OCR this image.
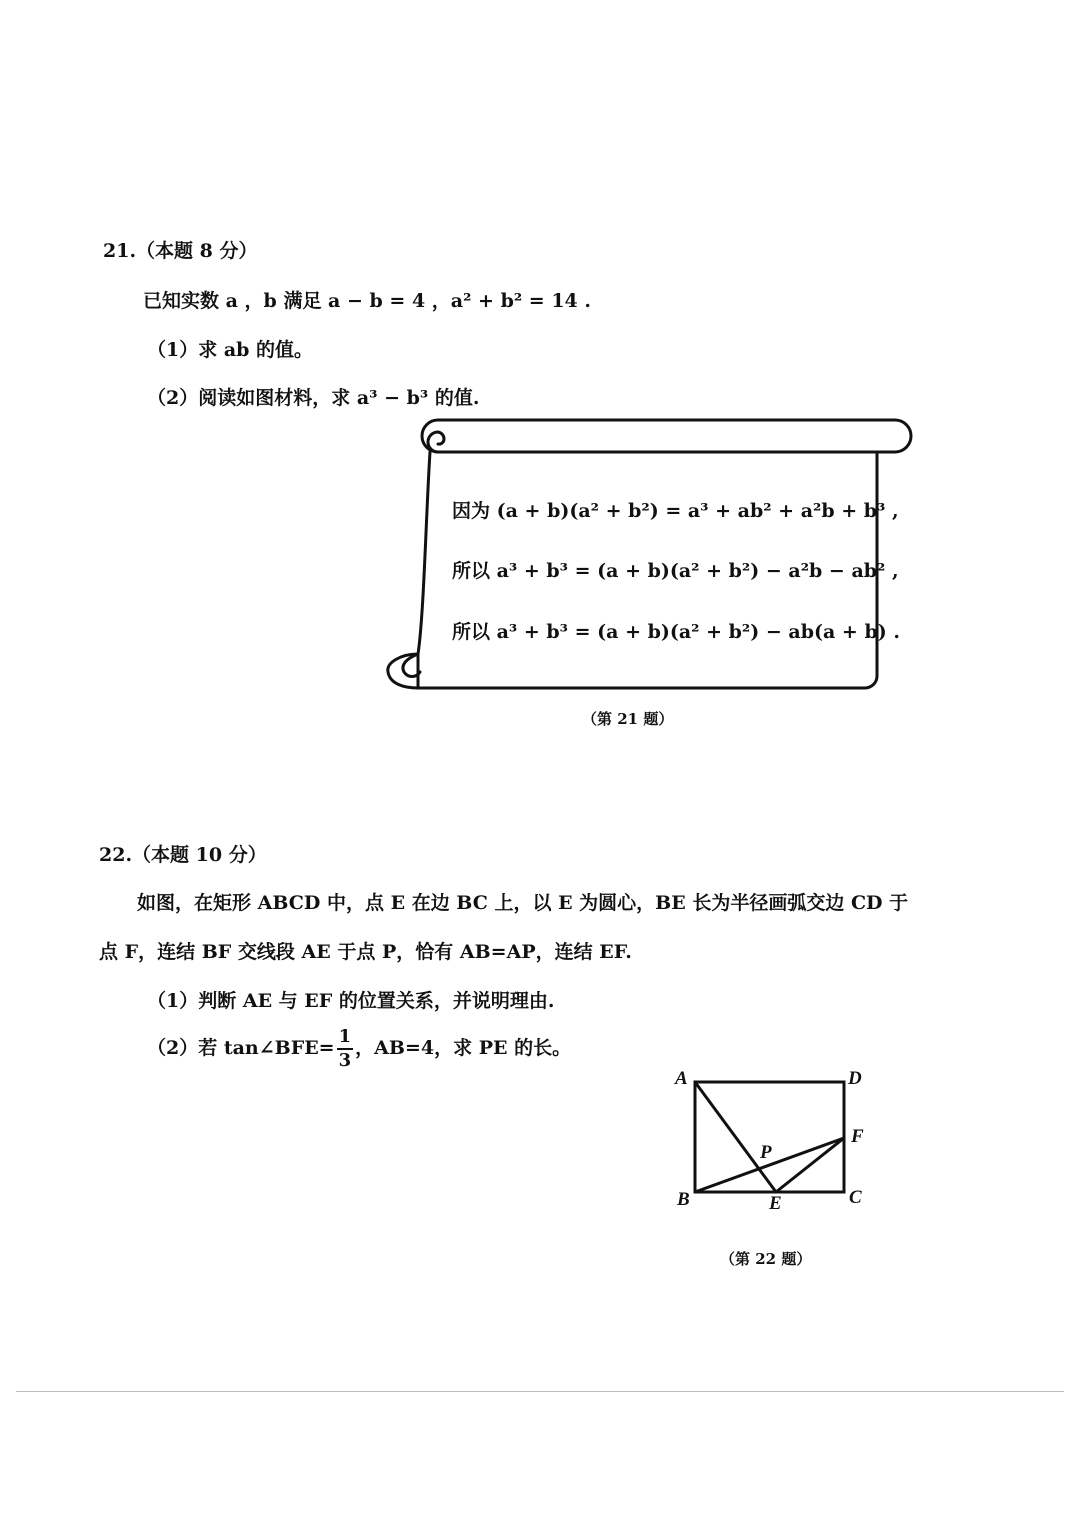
21.（本题 8 分）
已知实数 a ，b 满足 a − b = 4 ，a² + b² = 14 .
（1）求 ab 的值。
（2）阅读如图材料，求 a³ − b³ 的值.
因为 (a + b)(a² + b²) = a³ + ab² + a²b + b³ ,
所以 a³ + b³ = (a + b)(a² + b²) − a²b − ab² ,
所以 a³ + b³ = (a + b)(a² + b²) − ab(a + b) .
（第 21 题）
22.（本题 10 分）
如图，在矩形 ABCD 中，点 E 在边 BC 上，以 E 为圆心，BE 长为半径画弧交边 CD 于
点 F，连结 BF 交线段 AE 于点 P，恰有 AB=AP，连结 EF.
（1）判断 AE 与 EF 的位置关系，并说明理由.
（2）若 tan∠BFE= $\frac{1}{3}$ ，AB=4，求 PE 的长。
A	D
F
P
B	E	C
（第 22 题）
